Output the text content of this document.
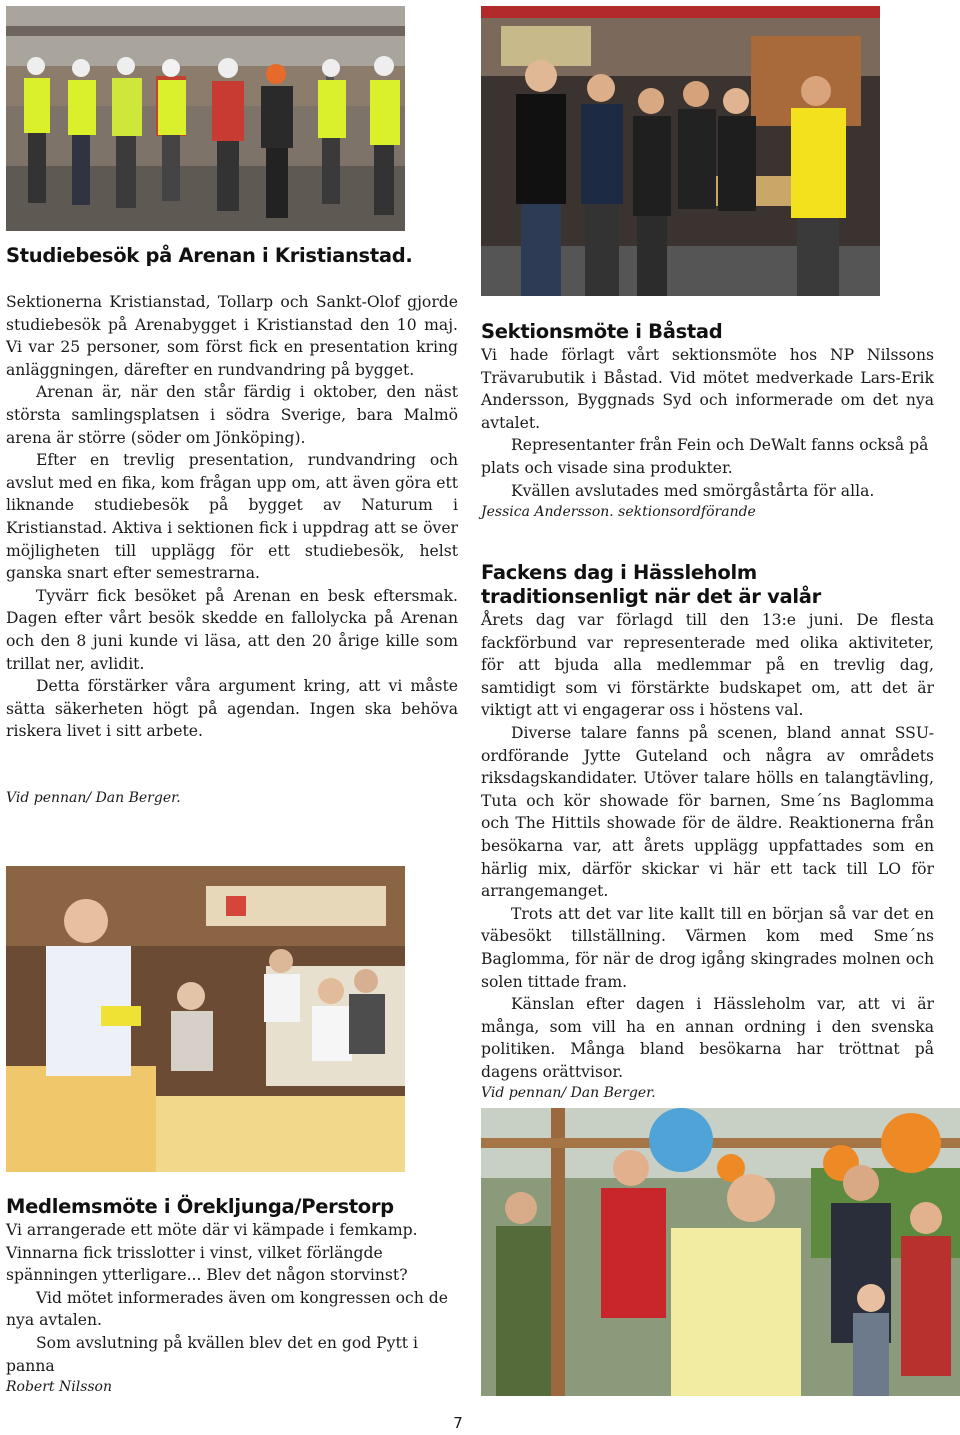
Studiebesök på Arenan i Kristianstad.

Sektionerna Kristianstad, Tollarp och Sankt-Olof gjorde studiebesök på Arenabygget i Kristianstad den 10 maj. Vi var 25 personer, som först fick en presentation kring anläggningen, därefter en rundvandring på bygget.

Arenan är, när den står färdig i oktober, den näst största samlingsplatsen i södra Sverige, bara Malmö arena är större (söder om Jönköping).

Efter en trevlig presentation, rundvandring och avslut med en fika, kom frågan upp om, att även göra ett liknande studiebesök på bygget av Naturum i Kristianstad. Aktiva i sektionen fick i uppdrag att se över möjligheten till upplägg för ett studiebesök, helst ganska snart efter semestrarna.

Tyvärr fick besöket på Arenan en besk eftersmak. Dagen efter vårt besök skedde en fallolycka på Arenan och den 8 juni kunde vi läsa, att den 20 årige kille som trillat ner, avlidit.

Detta förstärker våra argument kring, att vi måste sätta säkerheten högt på agendan. Ingen ska behöva riskera livet i sitt arbete.

Vid pennan/ Dan Berger.

Sektionsmöte i Båstad

Vi hade förlagt vårt sektionsmöte hos NP Nilssons Trävarubutik i Båstad. Vid mötet medverkade Lars-Erik Andersson, Byggnads Syd och informerade om det nya avtalet.

Representanter från Fein och DeWalt fanns också på plats och visade sina produkter.

Kvällen avslutades med smörgåstårta för alla.

Jessica Andersson. sektionsordförande

Fackens dag i Hässleholm
traditionsenligt när det är valår

Årets dag var förlagd till den 13:e juni. De flesta fackförbund var representerade med olika aktiviteter, för att bjuda alla medlemmar på en trevlig dag, samtidigt som vi förstärkte budskapet om, att det är viktigt att vi engagerar oss i höstens val.

Diverse talare fanns på scenen, bland annat SSU-ordförande Jytte Guteland och några av områdets riksdagskandidater. Utöver talare hölls en talangtävling, Tuta och kör showade för barnen, Sme´ns Baglomma och The Hittils showade för de äldre. Reaktionerna från besökarna var, att årets upplägg uppfattades som en härlig mix, därför skickar vi här ett tack till LO för arrangemanget.

Trots att det var lite kallt till en början så var det en väbesökt tillställning. Värmen kom med Sme´ns Baglomma, för när de drog igång skingrades molnen och solen tittade fram.

Känslan efter dagen i Hässleholm var, att vi är många, som vill ha en annan ordning i den svenska politiken. Många bland besökarna har tröttnat på dagens orättvisor.

Vid pennan/ Dan Berger.

Medlemsmöte i Örekljunga/Perstorp

Vi arrangerade ett möte där vi kämpade i femkamp. Vinnarna fick trisslotter i vinst, vilket förlängde spänningen ytterligare... Blev det någon storvinst?

Vid mötet informerades även om kongressen och de nya avtalen.

Som avslutning på kvällen blev det en god Pytt i panna

Robert Nilsson

7
